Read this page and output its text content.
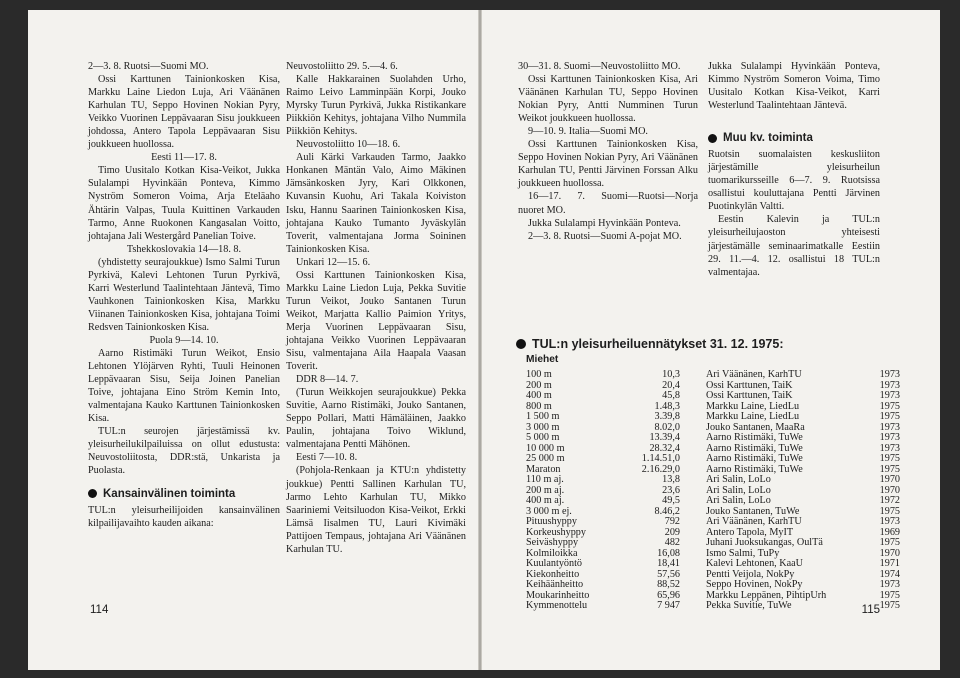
2—3. 8. Ruotsi—Suomi MO.

Ossi Karttunen Tainionkosken Kisa, Markku Laine Liedon Luja, Ari Väänänen Karhulan TU, Seppo Hovinen Nokian Pyry, Veikko Vuorinen Leppävaaran Sisu joukkueen johdossa, Antero Tapola Leppävaaran Sisu joukkueen huollossa.

Eesti 11—17. 8.

Timo Uusitalo Kotkan Kisa-Veikot, Jukka Sulalampi Hyvinkään Ponteva, Kimmo Nyström Someron Voima, Arja Eteläaho Ähtärin Valpas, Tuula Kuittinen Varkauden Tarmo, Anne Ruokonen Kangasalan Voitto, johtajana Jali Westergård Panelian Toive.

Tshekkoslovakia 14—18. 8.

(yhdistetty seurajoukkue) Ismo Salmi Turun Pyrkivä, Kalevi Lehtonen Turun Pyrkivä, Karri Westerlund Taalintehtaan Jäntevä, Timo Vauhkonen Tainionkosken Kisa, Markku Viinanen Tainionkosken Kisa, johtajana Toimi Redsven Tainionkosken Kisa.

Puola 9—14. 10.

Aarno Ristimäki Turun Weikot, Ensio Lehtonen Ylöjärven Ryhti, Tuuli Heinonen Leppävaaran Sisu, Seija Joinen Panelian Toive, johtajana Eino Ström Kemin Into, valmentajana Kauko Karttunen Tainionkosken Kisa.

TUL:n seurojen järjestämissä kv. yleisurheilukilpailuissa on ollut edustusta: Neuvostoliitosta, DDR:stä, Unkarista ja Puolasta.

Kansainvälinen toiminta

TUL:n yleisurheilijoiden kansainvälinen kilpailijavaihto kauden aikana:

Neuvostoliitto 29. 5.—4. 6.

Kalle Hakkarainen Suolahden Urho, Raimo Leivo Lamminpään Korpi, Jouko Myrsky Turun Pyrkivä, Jukka Ristikankare Piikkiön Kehitys, johtajana Vilho Nummila Piikkiön Kehitys.

Neuvostoliitto 10—18. 6.

Auli Kärki Varkauden Tarmo, Jaakko Honkanen Mäntän Valo, Aimo Mäkinen Jämsänkosken Jyry, Kari Olkkonen, Kuvansin Kuohu, Ari Takala Koiviston Isku, Hannu Saarinen Tainionkosken Kisa, johtajana Kauko Tumanto Jyväskylän Toverit, valmentajana Jorma Soininen Tainionkosken Kisa.

Unkari 12—15. 6.

Ossi Karttunen Tainionkosken Kisa, Markku Laine Liedon Luja, Pekka Suvitie Turun Veikot, Jouko Santanen Turun Weikot, Marjatta Kallio Paimion Yritys, Merja Vuorinen Leppävaaran Sisu, johtajana Veikko Vuorinen Leppävaaran Sisu, valmentajana Aila Haapala Vaasan Toverit.

DDR 8—14. 7.

(Turun Weikkojen seurajoukkue) Pekka Suvitie, Aarno Ristimäki, Jouko Santanen, Seppo Pollari, Matti Hämäläinen, Jaakko Paulin, johtajana Toivo Wiklund, valmentajana Pentti Mähönen.

Eesti 7—10. 8.

(Pohjola-Renkaan ja KTU:n yhdistetty joukkue) Pentti Sallinen Karhulan TU, Jarmo Lehto Karhulan TU, Mikko Saariniemi Veitsiluodon Kisa-Veikot, Erkki Lämsä Iisalmen TU, Lauri Kivimäki Pattijoen Tempaus, johtajana Ari Väänänen Karhulan TU.

114

30—31. 8. Suomi—Neuvostoliitto MO.

Ossi Karttunen Tainionkosken Kisa, Ari Väänänen Karhulan TU, Seppo Hovinen Nokian Pyry, Antti Numminen Turun Weikot joukkueen huollossa.

9—10. 9. Italia—Suomi MO.

Ossi Karttunen Tainionkosken Kisa, Seppo Hovinen Nokian Pyry, Ari Väänänen Karhulan TU, Pentti Järvinen Forssan Alku joukkueen huollossa.

16—17. 7. Suomi—Ruotsi—Norja nuoret MO.

Jukka Sulalampi Hyvinkään Ponteva.

2—3. 8. Ruotsi—Suomi A-pojat MO.

Jukka Sulalampi Hyvinkään Ponteva, Kimmo Nyström Someron Voima, Timo Uusitalo Kotkan Kisa-Veikot, Karri Westerlund Taalintehtaan Jäntevä.

Muu kv. toiminta

Ruotsin suomalaisten keskusliiton järjestämille yleisurheilun tuomarikursseille 6—7. 9. Ruotsissa osallistui kouluttajana Pentti Järvinen Puotinkylän Valtti.

Eestin Kalevin ja TUL:n yleisurheilujaoston yhteisesti järjestämälle seminaarimatkalle Eestiin 29. 11.—4. 12. osallistui 18 TUL:n valmentajaa.

TUL:n yleisurheiluennätykset 31. 12. 1975:
Miehet
100 m	10,3		Ari Väänänen, KarhTU	1973
200 m	20,4		Ossi Karttunen, TaiK	1973
400 m	45,8		Ossi Karttunen, TaiK	1973
800 m	1.48,3		Markku Laine, LiedLu	1975
1 500 m	3.39,8		Markku Laine, LiedLu	1975
3 000 m	8.02,0		Jouko Santanen, MaaRa	1973
5 000 m	13.39,4		Aarno Ristimäki, TuWe	1973
10 000 m	28.32,4		Aarno Ristimäki, TuWe	1973
25 000 m	1.14.51,0		Aarno Ristimäki, TuWe	1975
Maraton	2.16.29,0		Aarno Ristimäki, TuWe	1975
110 m aj.	13,8		Ari Salin, LoLo	1970
200 m aj.	23,6		Ari Salin, LoLo	1970
400 m aj.	49,5		Ari Salin, LoLo	1972
3 000 m ej.	8.46,2		Jouko Santanen, TuWe	1975
Pituushyppy	792		Ari Väänänen, KarhTU	1973
Korkeushyppy	209		Antero Tapola, MyIT	1969
Seiväshyppy	482		Juhani Juoksukangas, OulTä	1975
Kolmiloikka	16,08		Ismo Salmi, TuPy	1970
Kuulantyöntö	18,41		Kalevi Lehtonen, KaaU	1971
Kiekonheitto	57,56		Pentti Veijola, NokPy	1974
Keihäänheitto	88,52		Seppo Hovinen, NokPy	1973
Moukarinheitto	65,96		Markku Leppänen, PihtipUrh	1975
Kymmenottelu	7 947		Pekka Suvitie, TuWe	1975
115
